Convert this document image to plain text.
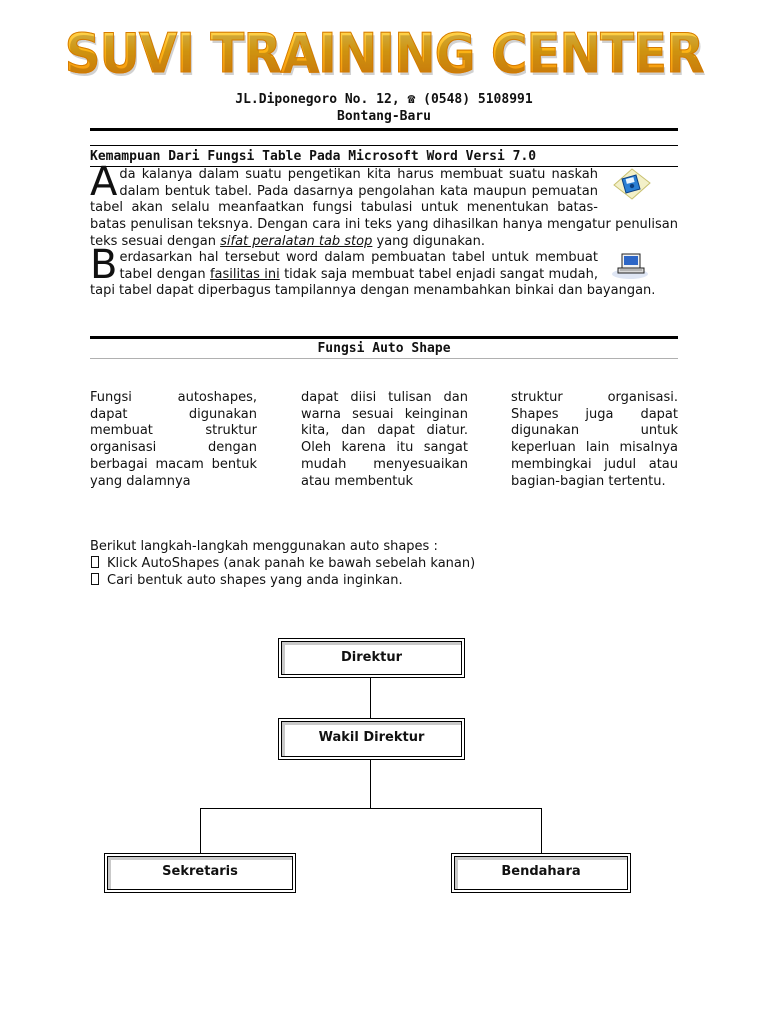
SUVI TRAINING CENTER
JL.Diponegoro No. 12, ☎ (0548) 5108991
Bontang-Baru
Kemampuan Dari Fungsi Table Pada Microsoft Word Versi 7.0
A da kalanya dalam suatu pengetikan kita harus membuat suatu naskah dalam bentuk tabel. Pada dasarnya pengolahan kata maupun pemuatan tabel akan selalu meanfaatkan fungsi tabulasi untuk menentukan batas-batas penulisan teksnya. Dengan cara ini teks yang dihasilkan hanya mengatur penulisan teks sesuai dengan sifat peralatan tab stop yang digunakan.
B erdasarkan hal tersebut word dalam pembuatan tabel untuk membuat tabel dengan fasilitas ini tidak saja membuat tabel enjadi sangat mudah, tapi tabel dapat diperbagus tampilannya dengan menambahkan binkai dan bayangan.
Fungsi Auto Shape
Fungsi autoshapes, dapat digunakan membuat struktur organisasi dengan berbagai macam bentuk yang dalamnya
dapat diisi tulisan dan warna sesuai keinginan kita, dan dapat diatur. Oleh karena itu sangat mudah menyesuaikan atau membentuk
struktur organisasi. Shapes juga dapat digunakan untuk keperluan lain misalnya membingkai judul atau bagian-bagian tertentu.
Berikut langkah-langkah menggunakan auto shapes :
Klick AutoShapes (anak panah ke bawah sebelah kanan)
Cari bentuk auto shapes yang anda inginkan.
Direktur
Wakil Direktur
Sekretaris	Bendahara
